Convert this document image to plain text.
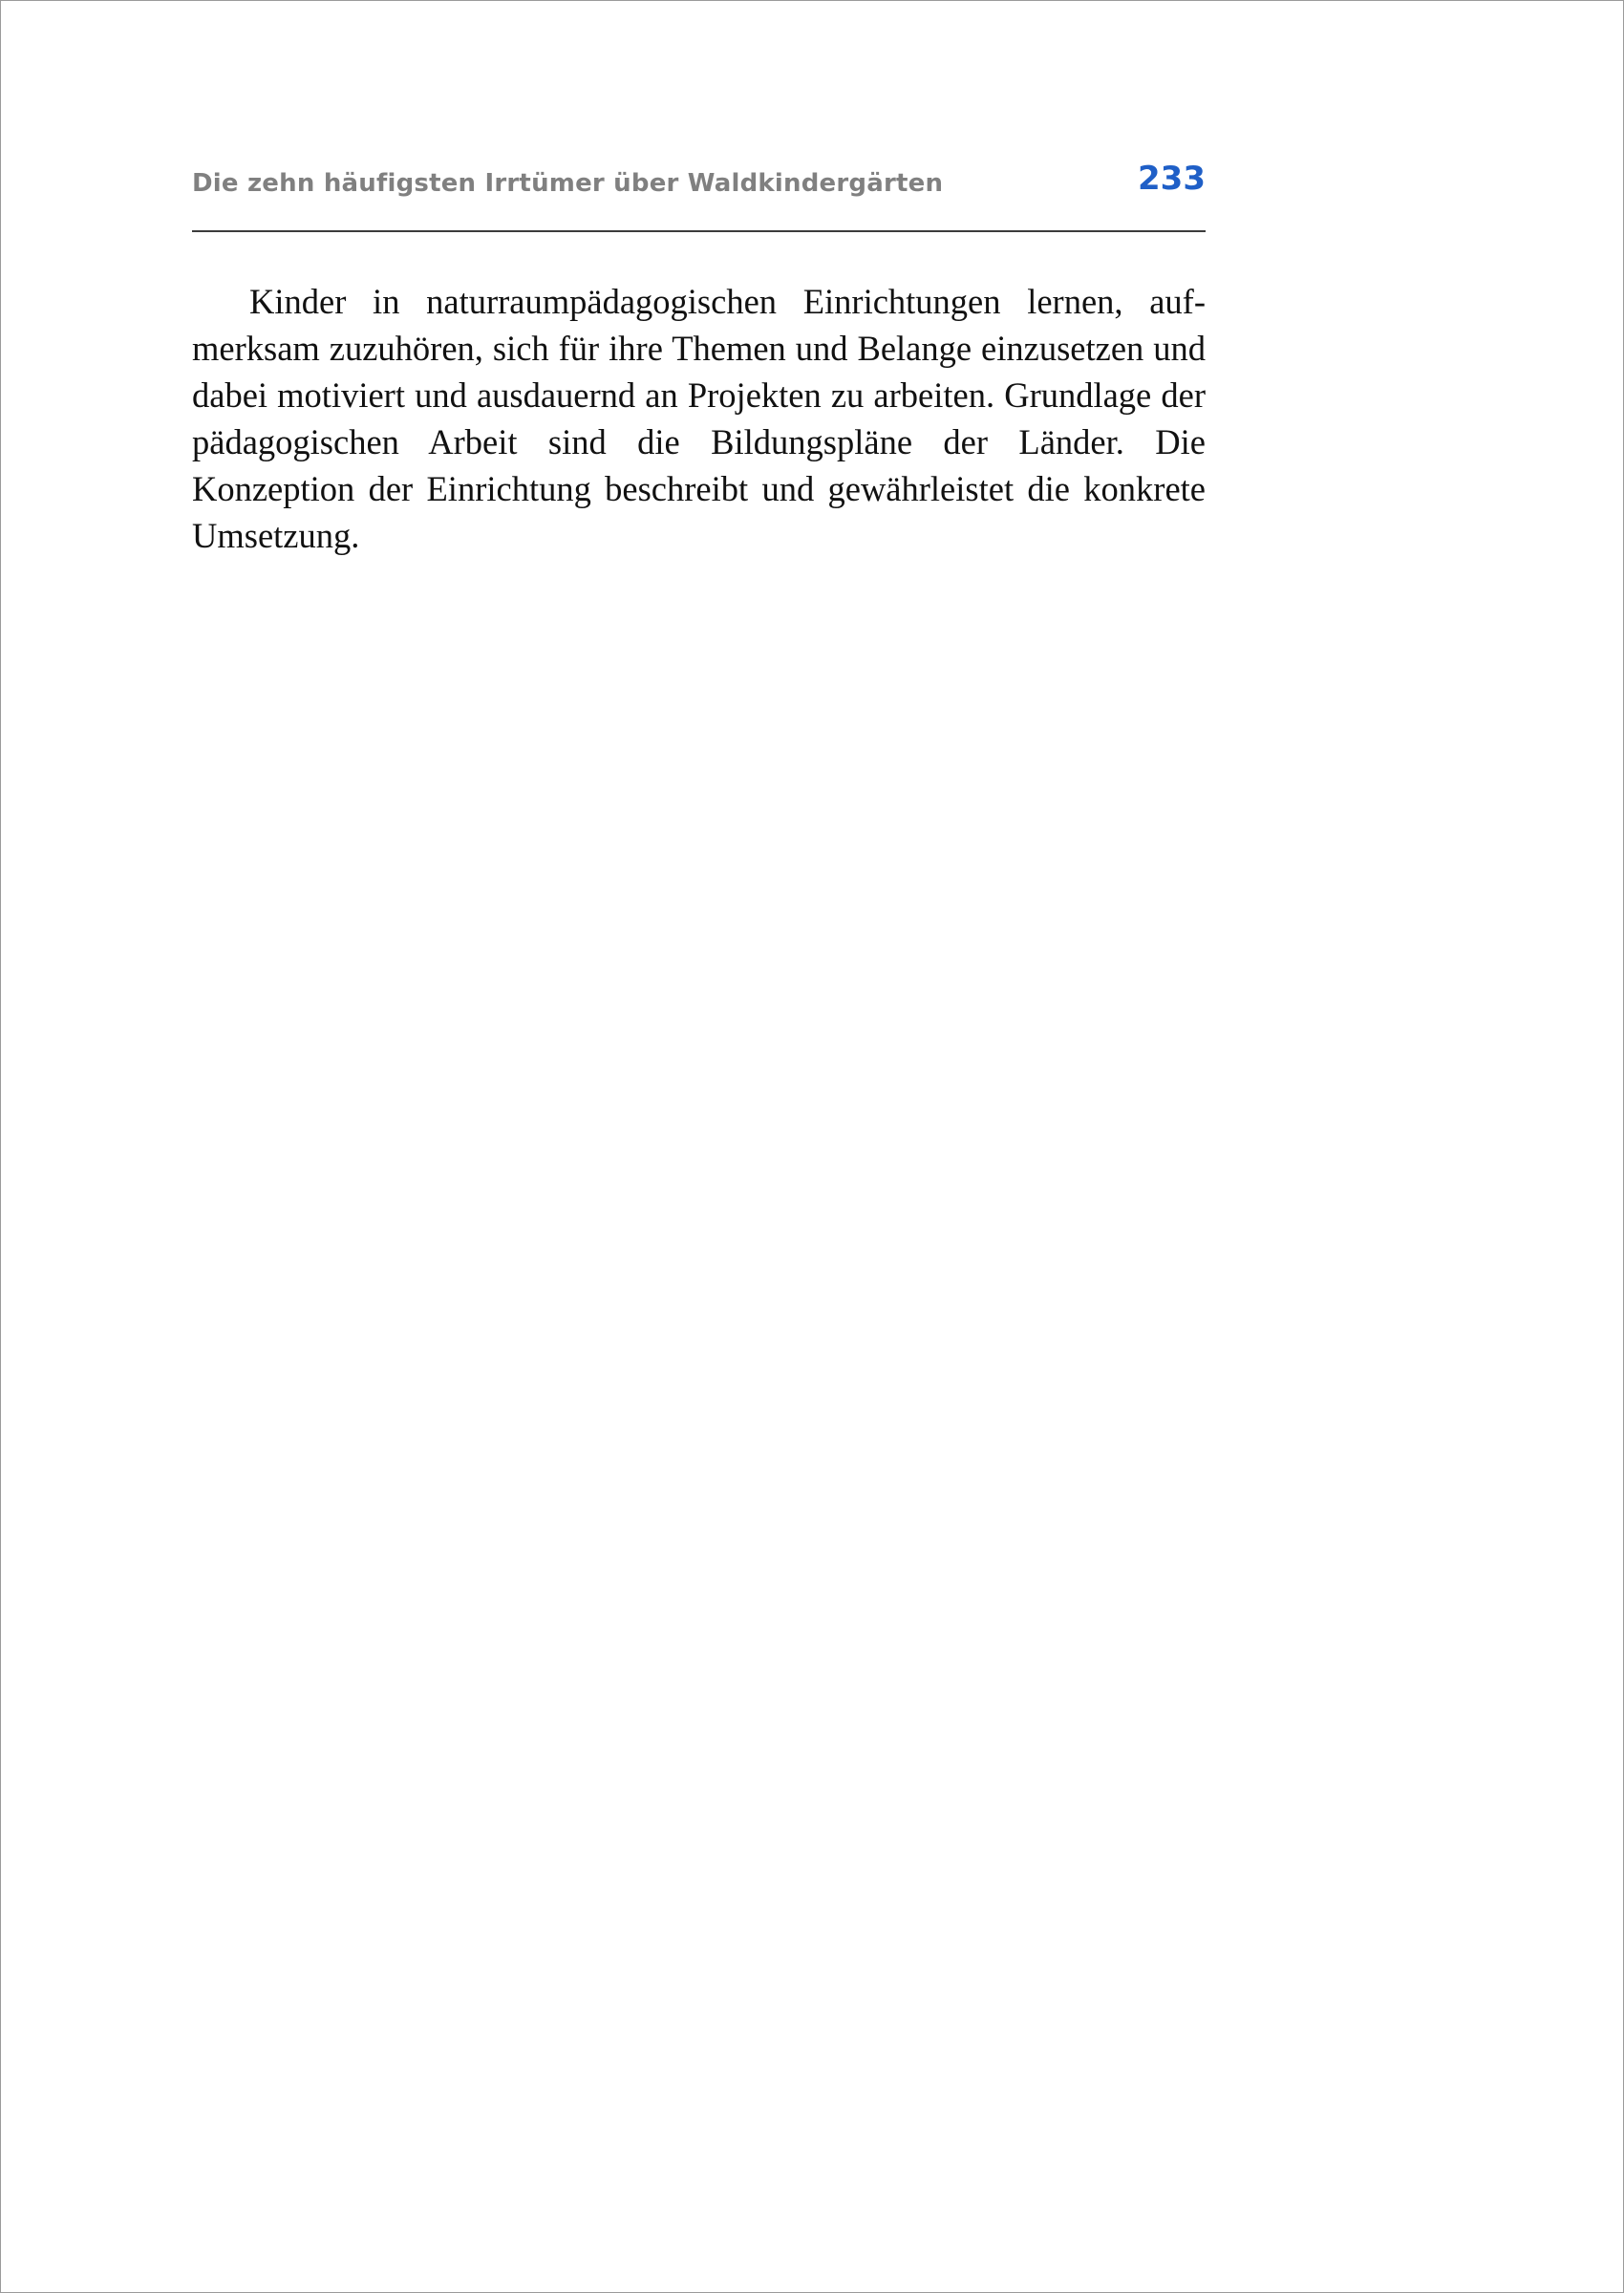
Die zehn häufigsten Irrtümer über Waldkindergärten	233

Kinder in naturraumpädagogischen Einrichtungen lernen, aufmerksam zuzuhören, sich für ihre Themen und Belange einzusetzen und dabei motiviert und ausdauernd an Projekten zu arbeiten. Grundlage der pädagogischen Arbeit sind die Bildungspläne der Länder. Die Konzeption der Einrichtung beschreibt und gewährleistet die konkrete Umsetzung.
